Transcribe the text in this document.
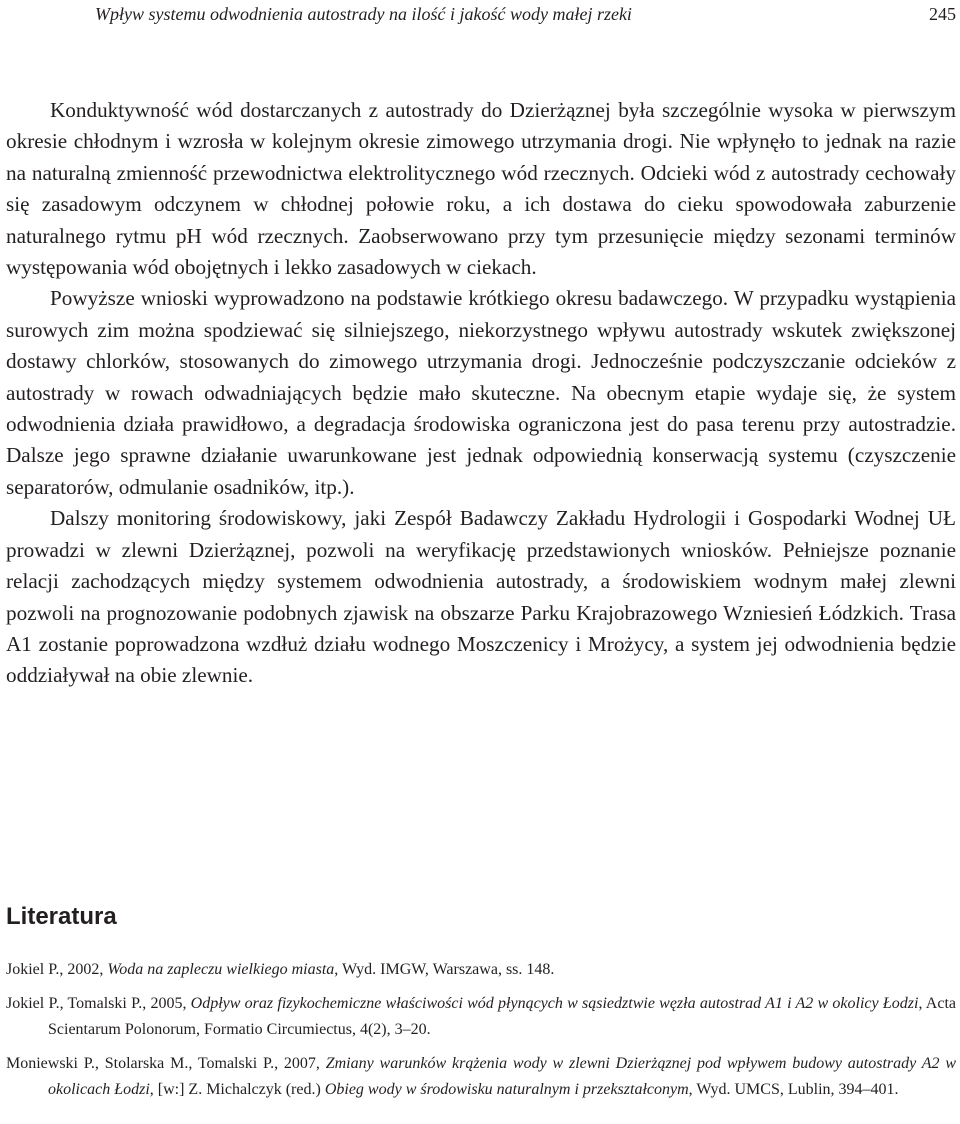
Wpływ systemu odwodnienia autostrady na ilość i jakość wody małej rzeki	245

Konduktywność wód dostarczanych z autostrady do Dzierżąznej była szczególnie wysoka w pierwszym okresie chłodnym i wzrosła w kolejnym okresie zimowego utrzymania drogi. Nie wpłynęło to jednak na razie na naturalną zmienność przewodnictwa elektrolitycznego wód rzecznych. Odcieki wód z autostrady cechowały się zasadowym odczynem w chłodnej połowie roku, a ich dostawa do cieku spowodowała zaburzenie naturalnego rytmu pH wód rzecznych. Zaobserwowano przy tym przesunięcie między sezonami terminów występowania wód obojętnych i lekko zasadowych w ciekach.

Powyższe wnioski wyprowadzono na podstawie krótkiego okresu badawczego. W przypadku wystąpienia surowych zim można spodziewać się silniejszego, niekorzystnego wpływu autostrady wskutek zwiększonej dostawy chlorków, stosowanych do zimowego utrzymania drogi. Jednocześnie podczyszczanie odcieków z autostrady w rowach odwadniających będzie mało skuteczne. Na obecnym etapie wydaje się, że system odwodnienia działa prawidłowo, a degradacja środowiska ograniczona jest do pasa terenu przy autostradzie. Dalsze jego sprawne działanie uwarunkowane jest jednak odpowiednią konserwacją systemu (czyszczenie separatorów, odmulanie osadników, itp.).

Dalszy monitoring środowiskowy, jaki Zespół Badawczy Zakładu Hydrologii i Gospodarki Wodnej UŁ prowadzi w zlewni Dzierżąznej, pozwoli na weryfikację przedstawionych wniosków. Pełniejsze poznanie relacji zachodzących między systemem odwodnienia autostrady, a środowiskiem wodnym małej zlewni pozwoli na prognozowanie podobnych zjawisk na obszarze Parku Krajobrazowego Wzniesień Łódzkich. Trasa A1 zostanie poprowadzona wzdłuż działu wodnego Moszczenicy i Mrożycy, a system jej odwodnienia będzie oddziaływał na obie zlewnie.

Literatura

Jokiel P., 2002, Woda na zapleczu wielkiego miasta, Wyd. IMGW, Warszawa, ss. 148.

Jokiel P., Tomalski P., 2005, Odpływ oraz fizykochemiczne właściwości wód płynących w sąsiedztwie węzła autostrad A1 i A2 w okolicy Łodzi, Acta Scientarum Polonorum, Formatio Circumiectus, 4(2), 3–20.

Moniewski P., Stolarska M., Tomalski P., 2007, Zmiany warunków krążenia wody w zlewni Dzierżąznej pod wpływem budowy autostrady A2 w okolicach Łodzi, [w:] Z. Michalczyk (red.) Obieg wody w środowisku naturalnym i przekształconym, Wyd. UMCS, Lublin, 394–401.
